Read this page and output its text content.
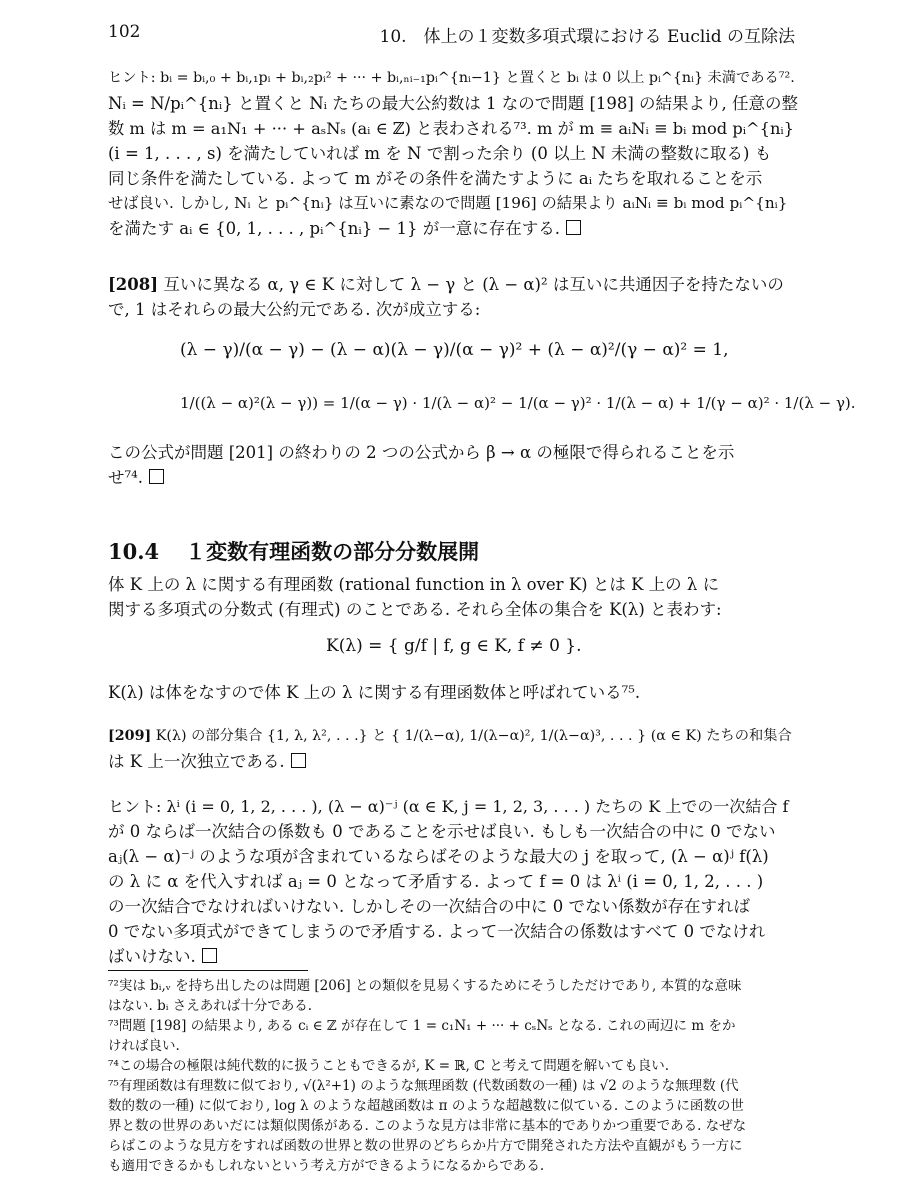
102	10.　体上の１変数多項式環における Euclid の互除法
ヒント: bᵢ = bᵢ,₀ + bᵢ,₁pᵢ + bᵢ,₂pᵢ² + ··· + bᵢ,ₙᵢ₋₁pᵢ^{nᵢ−1} と置くと bᵢ は 0 以上 pᵢ^{nᵢ} 未満である⁷².
Nᵢ = N/pᵢ^{nᵢ} と置くと Nᵢ たちの最大公約数は 1 なので問題 [198] の結果より, 任意の整
数 m は m = a₁N₁ + ··· + aₛNₛ (aᵢ ∈ ℤ) と表わされる⁷³. m が m ≡ aᵢNᵢ ≡ bᵢ mod pᵢ^{nᵢ}
(i = 1, . . . , s) を満たしていれば m を N で割った余り (0 以上 N 未満の整数に取る) も
同じ条件を満たしている. よって m がその条件を満たすように aᵢ たちを取れることを示
せば良い. しかし, Nᵢ と pᵢ^{nᵢ} は互いに素なので問題 [196] の結果より aᵢNᵢ ≡ bᵢ mod pᵢ^{nᵢ}
を満たす aᵢ ∈ {0, 1, . . . , pᵢ^{nᵢ} − 1} が一意に存在する.
[208] 互いに異なる α, γ ∈ K に対して λ − γ と (λ − α)² は互いに共通因子を持たないの
で, 1 はそれらの最大公約元である. 次が成立する:
(λ − γ)/(α − γ) − (λ − α)(λ − γ)/(α − γ)² + (λ − α)²/(γ − α)² = 1,
1/((λ − α)²(λ − γ)) = 1/(α − γ) · 1/(λ − α)² − 1/(α − γ)² · 1/(λ − α) + 1/(γ − α)² · 1/(λ − γ).
この公式が問題 [201] の終わりの 2 つの公式から β → α の極限で得られることを示
せ⁷⁴.
10.4 １変数有理函数の部分分数展開
体 K 上の λ に関する有理函数 (rational function in λ over K) とは K 上の λ に
関する多項式の分数式 (有理式) のことである. それら全体の集合を K(λ) と表わす:
K(λ) = { g/f | f, g ∈ K, f ≠ 0 }.
K(λ) は体をなすので体 K 上の λ に関する有理函数体と呼ばれている⁷⁵.
[209] K(λ) の部分集合 {1, λ, λ², . . .} と { 1/(λ−α), 1/(λ−α)², 1/(λ−α)³, . . . } (α ∈ K) たちの和集合
は K 上一次独立である.
ヒント: λⁱ (i = 0, 1, 2, . . . ), (λ − α)⁻ʲ (α ∈ K, j = 1, 2, 3, . . . ) たちの K 上での一次結合 f
が 0 ならば一次結合の係数も 0 であることを示せば良い. もしも一次結合の中に 0 でない
aⱼ(λ − α)⁻ʲ のような項が含まれているならばそのような最大の j を取って, (λ − α)ʲ f(λ)
の λ に α を代入すれば aⱼ = 0 となって矛盾する. よって f = 0 は λⁱ (i = 0, 1, 2, . . . )
の一次結合でなければいけない. しかしその一次結合の中に 0 でない係数が存在すれば
0 でない多項式ができてしまうので矛盾する. よって一次結合の係数はすべて 0 でなけれ
ばいけない.
⁷²実は bᵢ,ᵥ を持ち出したのは問題 [206] との類似を見易くするためにそうしただけであり, 本質的な意味
はない. bᵢ さえあれば十分である.
⁷³問題 [198] の結果より, ある cᵢ ∈ ℤ が存在して 1 = c₁N₁ + ··· + cₛNₛ となる. これの両辺に m をか
ければ良い.
⁷⁴この場合の極限は純代数的に扱うこともできるが, K = ℝ, ℂ と考えて問題を解いても良い.
⁷⁵有理函数は有理数に似ており, √(λ²+1) のような無理函数 (代数函数の一種) は √2 のような無理数 (代
数的数の一種) に似ており, log λ のような超越函数は π のような超越数に似ている. このように函数の世
界と数の世界のあいだには類似関係がある. このような見方は非常に基本的でありかつ重要である. なぜな
らばこのような見方をすれば函数の世界と数の世界のどちらか片方で開発された方法や直観がもう一方に
も適用できるかもしれないという考え方ができるようになるからである.
